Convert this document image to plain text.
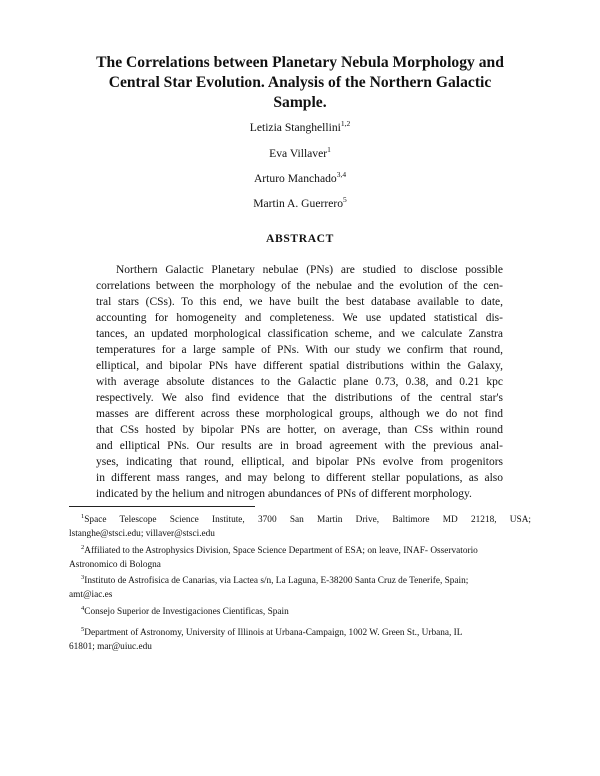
The Correlations between Planetary Nebula Morphology and
Central Star Evolution. Analysis of the Northern Galactic
Sample.
Letizia Stanghellini$^{1,2}$
Eva Villaver$^1$
Arturo Manchado$^{3,4}$
Martin A. Guerrero$^5$
ABSTRACT
Northern Galactic Planetary nebulae (PNs) are studied to disclose possible
correlations between the morphology of the nebulae and the evolution of the cen-
tral stars (CSs). To this end, we have built the best database available to date,
accounting for homogeneity and completeness. We use updated statistical dis-
tances, an updated morphological classification scheme, and we calculate Zanstra
temperatures for a large sample of PNs. With our study we confirm that round,
elliptical, and bipolar PNs have different spatial distributions within the Galaxy,
with average absolute distances to the Galactic plane 0.73, 0.38, and 0.21 kpc
respectively. We also find evidence that the distributions of the central star's
masses are different across these morphological groups, although we do not find
that CSs hosted by bipolar PNs are hotter, on average, than CSs within round
and elliptical PNs. Our results are in broad agreement with the previous anal-
yses, indicating that round, elliptical, and bipolar PNs evolve from progenitors
in different mass ranges, and may belong to different stellar populations, as also
indicated by the helium and nitrogen abundances of PNs of different morphology.
$^1$Space Telescope Science Institute, 3700 San Martin Drive, Baltimore MD 21218, USA;
lstanghe@stsci.edu; villaver@stsci.edu
$^2$Affiliated to the Astrophysics Division, Space Science Department of ESA; on leave, INAF- Osservatorio
Astronomico di Bologna
$^3$Instituto de Astrofisica de Canarias, via Lactea s/n, La Laguna, E-38200 Santa Cruz de Tenerife, Spain;
amt@iac.es
$^4$Consejo Superior de Investigaciones Cientificas, Spain
$^5$Department of Astronomy, University of Illinois at Urbana-Campaign, 1002 W. Green St., Urbana, IL
61801; mar@uiuc.edu
